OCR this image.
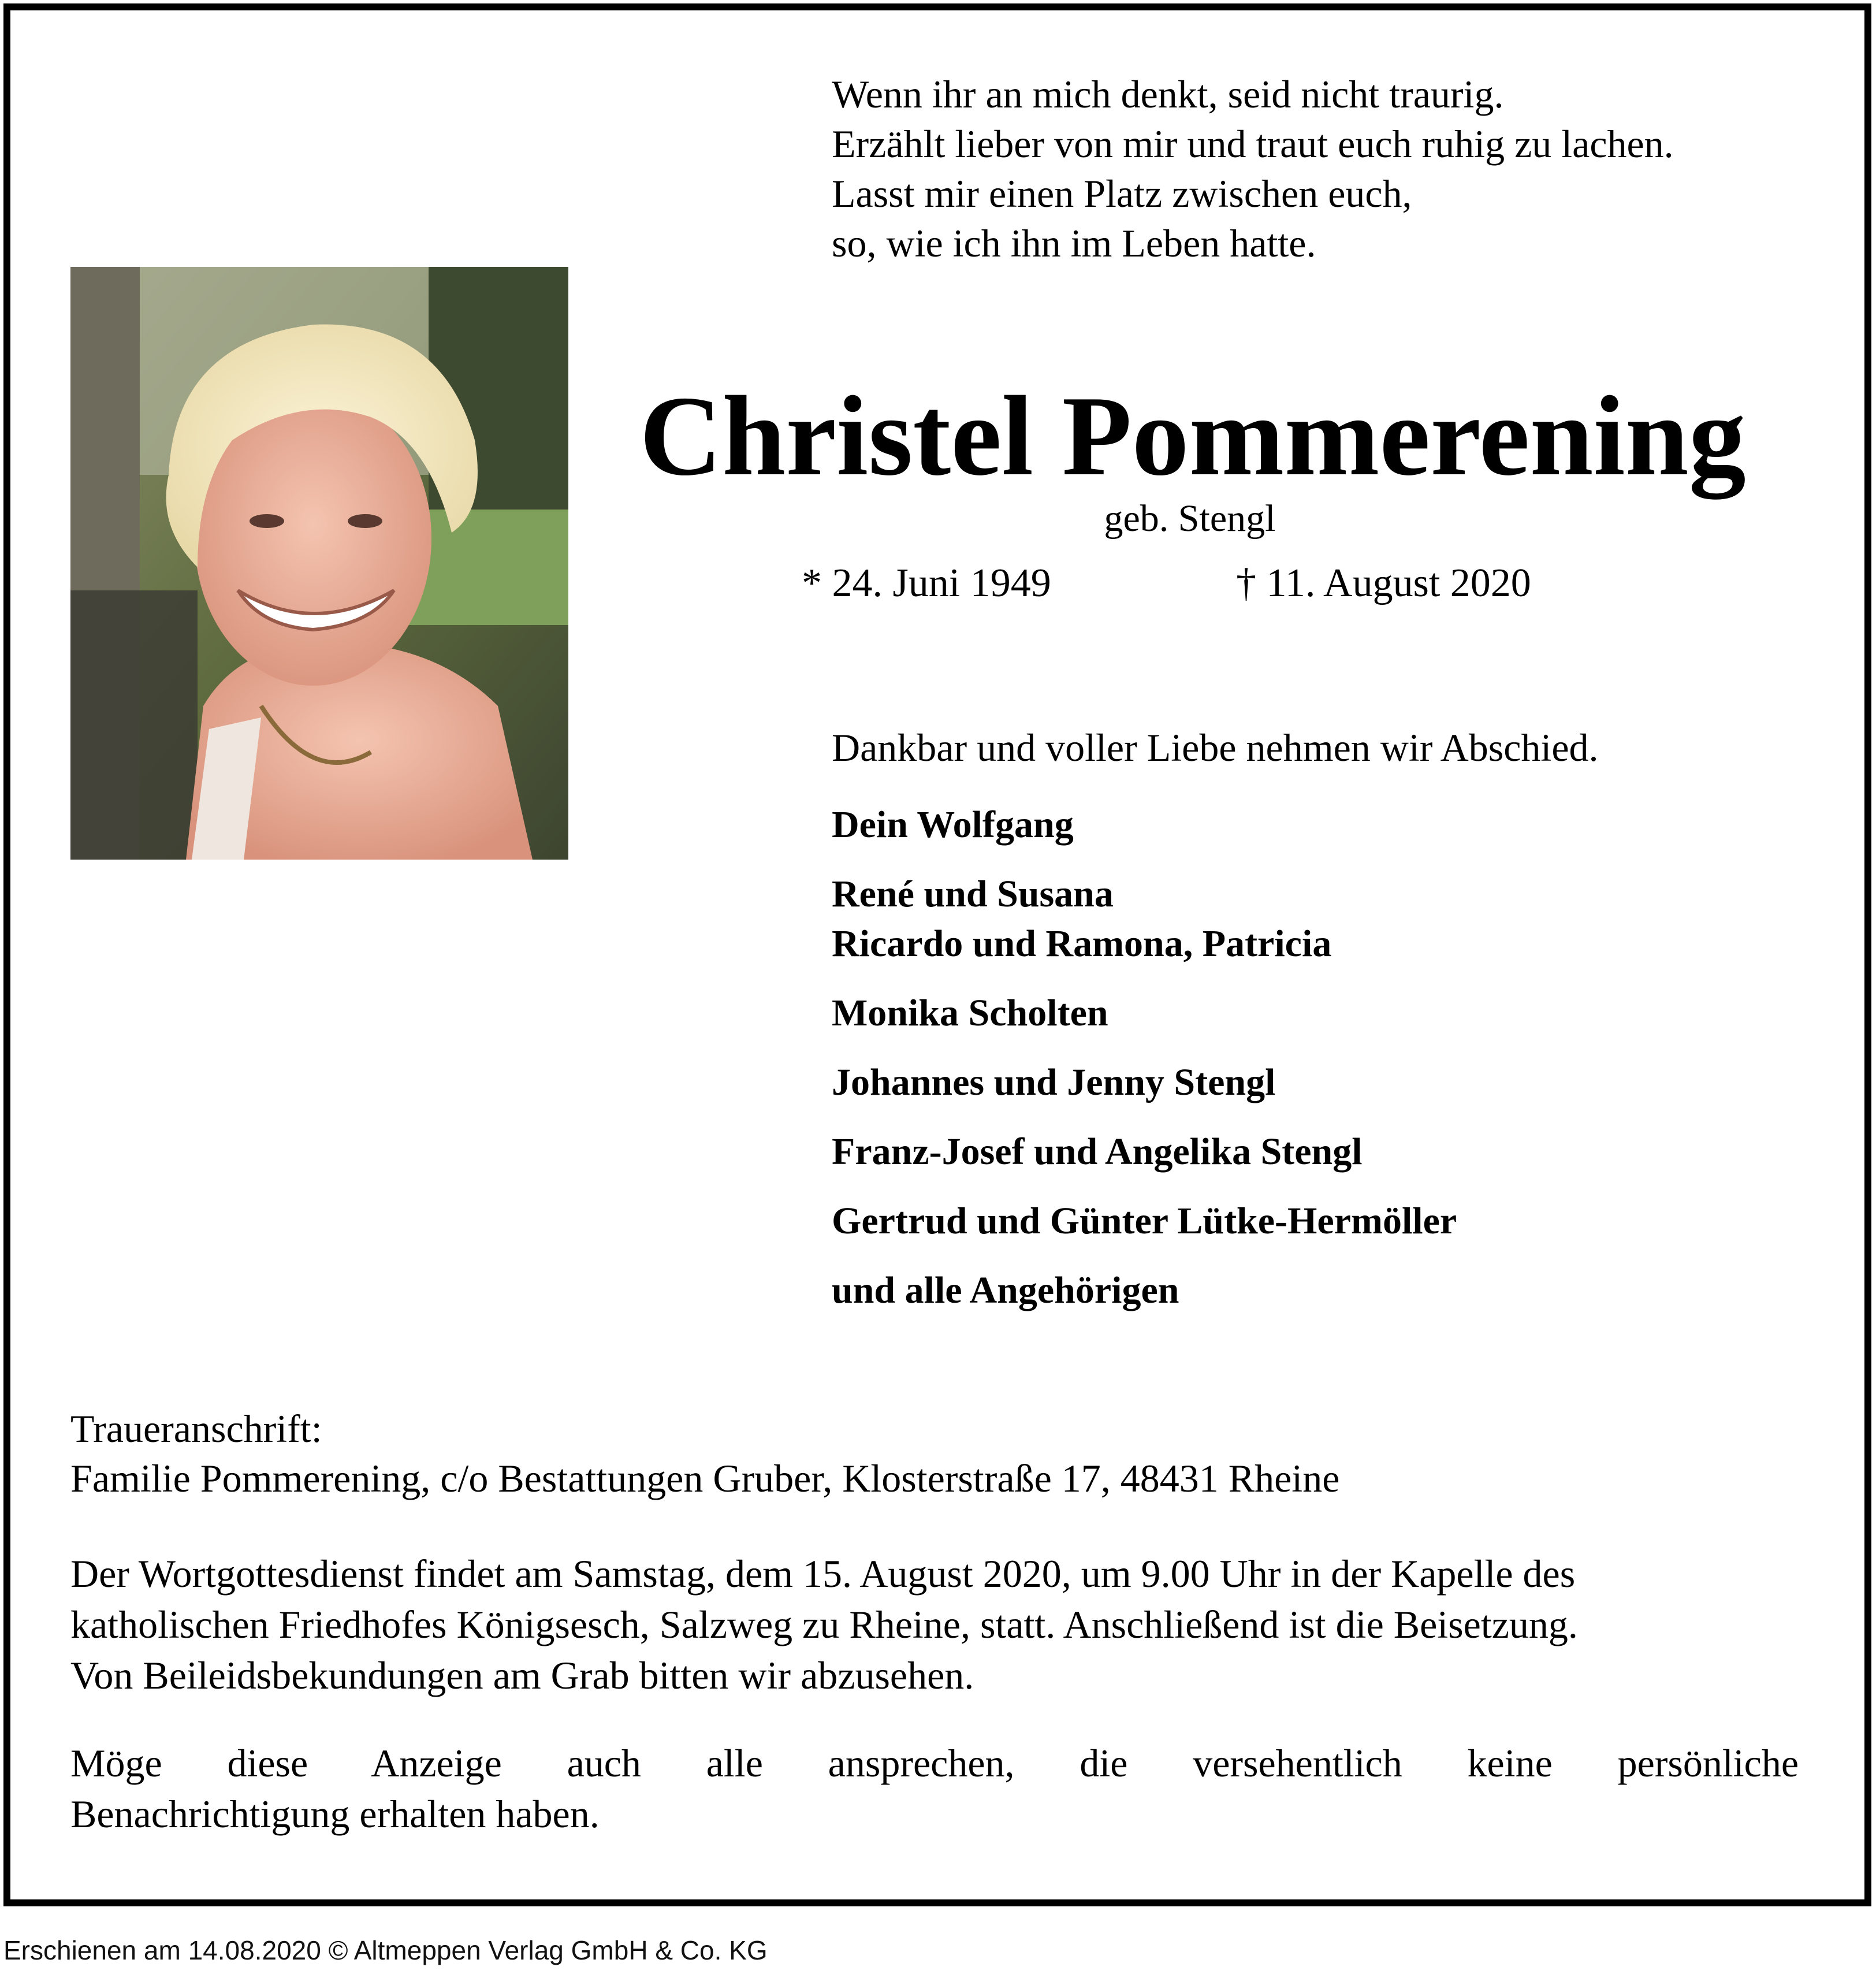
Wenn ihr an mich denkt, seid nicht traurig.
Erzählt lieber von mir und traut euch ruhig zu lachen.
Lasst mir einen Platz zwischen euch,
so, wie ich ihn im Leben hatte.
Christel Pommerening
geb. Stengl
* 24. Juni 1949	† 11. August 2020
Dankbar und voller Liebe nehmen wir Abschied.
Dein Wolfgang
René und Susana
Ricardo und Ramona, Patricia
Monika Scholten
Johannes und Jenny Stengl
Franz-Josef und Angelika Stengl
Gertrud und Günter Lütke-Hermöller
und alle Angehörigen
Traueranschrift:
Familie Pommerening, c/o Bestattungen Gruber, Klosterstraße 17, 48431 Rheine
Der Wortgottesdienst findet am Samstag, dem 15. August 2020, um 9.00 Uhr in der Kapelle des
katholischen Friedhofes Königsesch, Salzweg zu Rheine, statt. Anschließend ist die Beisetzung.
Von Beileidsbekundungen am Grab bitten wir abzusehen.
Möge diese Anzeige auch alle ansprechen, die versehentlich keine persönliche
Benachrichtigung erhalten haben.
Erschienen am 14.08.2020 © Altmeppen Verlag GmbH & Co. KG
